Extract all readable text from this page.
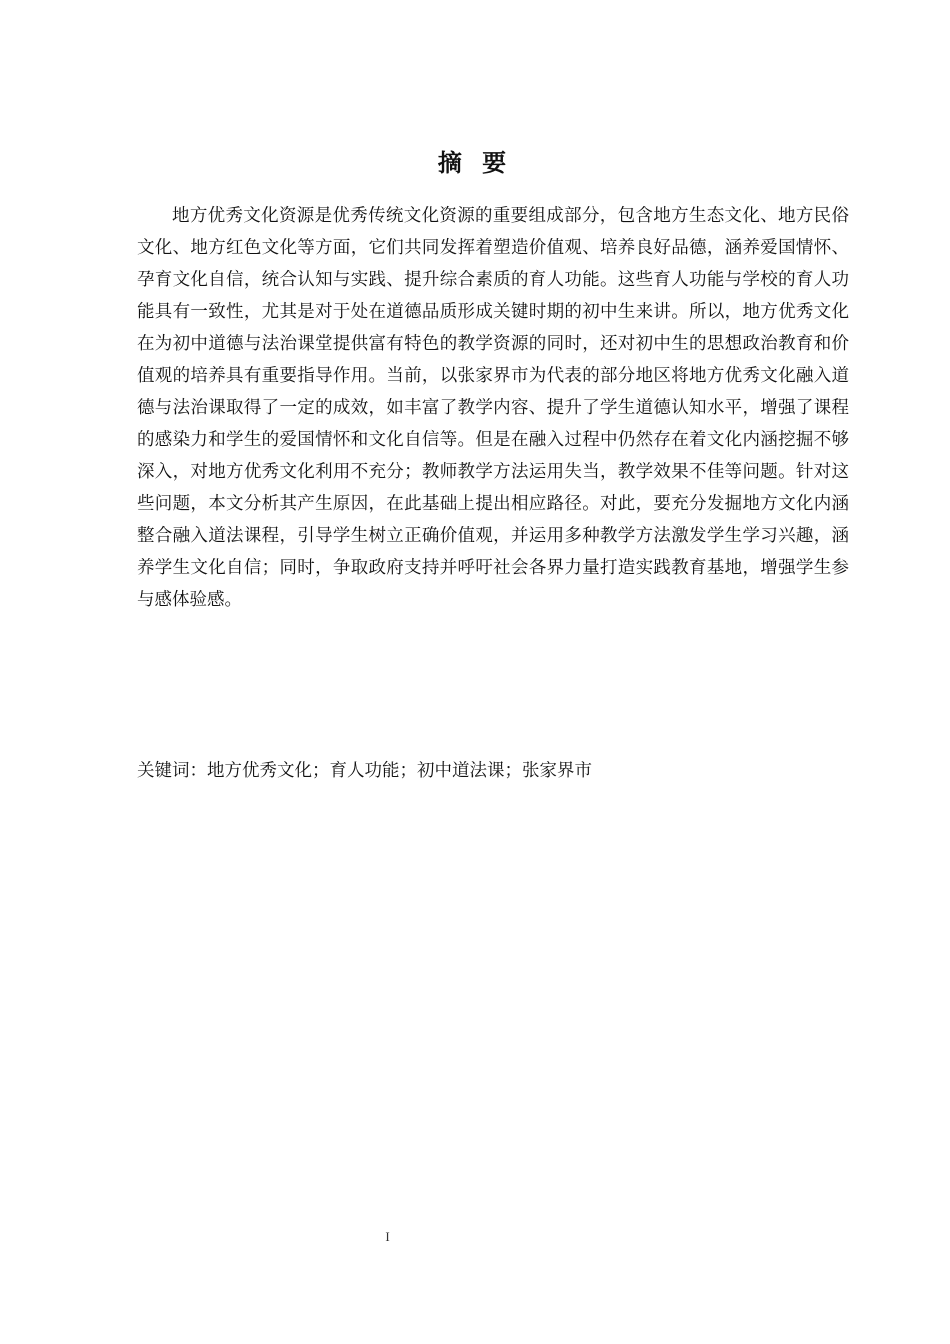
摘 要

地方优秀文化资源是优秀传统文化资源的重要组成部分，包含地方生态文化、地方民俗文化、地方红色文化等方面，它们共同发挥着塑造价值观、培养良好品德，涵养爱国情怀、孕育文化自信，统合认知与实践、提升综合素质的育人功能。这些育人功能与学校的育人功能具有一致性，尤其是对于处在道德品质形成关键时期的初中生来讲。所以，地方优秀文化在为初中道德与法治课堂提供富有特色的教学资源的同时，还对初中生的思想政治教育和价值观的培养具有重要指导作用。当前，以张家界市为代表的部分地区将地方优秀文化融入道德与法治课取得了一定的成效，如丰富了教学内容、提升了学生道德认知水平，增强了课程的感染力和学生的爱国情怀和文化自信等。但是在融入过程中仍然存在着文化内涵挖掘不够深入，对地方优秀文化利用不充分；教师教学方法运用失当，教学效果不佳等问题。针对这些问题，本文分析其产生原因，在此基础上提出相应路径。对此，要充分发掘地方文化内涵整合融入道法课程，引导学生树立正确价值观，并运用多种教学方法激发学生学习兴趣，涵养学生文化自信；同时，争取政府支持并呼吁社会各界力量打造实践教育基地，增强学生参与感体验感。

关键词：地方优秀文化；育人功能；初中道法课；张家界市

I
